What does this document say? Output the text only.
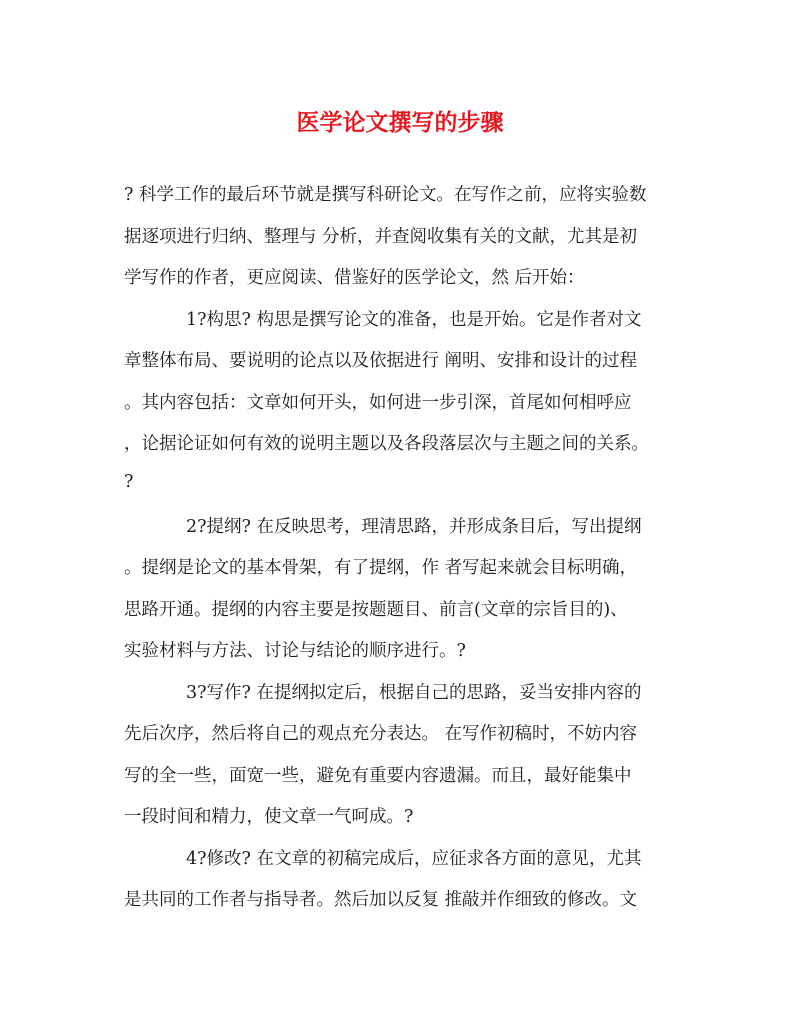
医学论文撰写的步骤
? 科学工作的最后环节就是撰写科研论文。在写作之前，应将实验数
据逐项进行归纳、整理与 分析，并查阅收集有关的文献，尤其是初
学写作的作者，更应阅读、借鉴好的医学论文，然 后开始：
1?构思? 构思是撰写论文的准备，也是开始。它是作者对文
章整体布局、要说明的论点以及依据进行 阐明、安排和设计的过程
。其内容包括：文章如何开头，如何进一步引深，首尾如何相呼应
，论据论证如何有效的说明主题以及各段落层次与主题之间的关系。
?
2?提纲? 在反映思考，理清思路，并形成条目后，写出提纲
。提纲是论文的基本骨架，有了提纲，作 者写起来就会目标明确，
思路开通。提纲的内容主要是按题题目、前言(文章的宗旨目的)、
实验材料与方法、讨论与结论的顺序进行。?
3?写作? 在提纲拟定后，根据自己的思路，妥当安排内容的
先后次序，然后将自己的观点充分表达。 在写作初稿时，不妨内容
写的全一些，面宽一些，避免有重要内容遗漏。而且，最好能集中
一段时间和精力，使文章一气呵成。?
4?修改? 在文章的初稿完成后，应征求各方面的意见，尤其
是共同的工作者与指导者。然后加以反复 推敲并作细致的修改。文
